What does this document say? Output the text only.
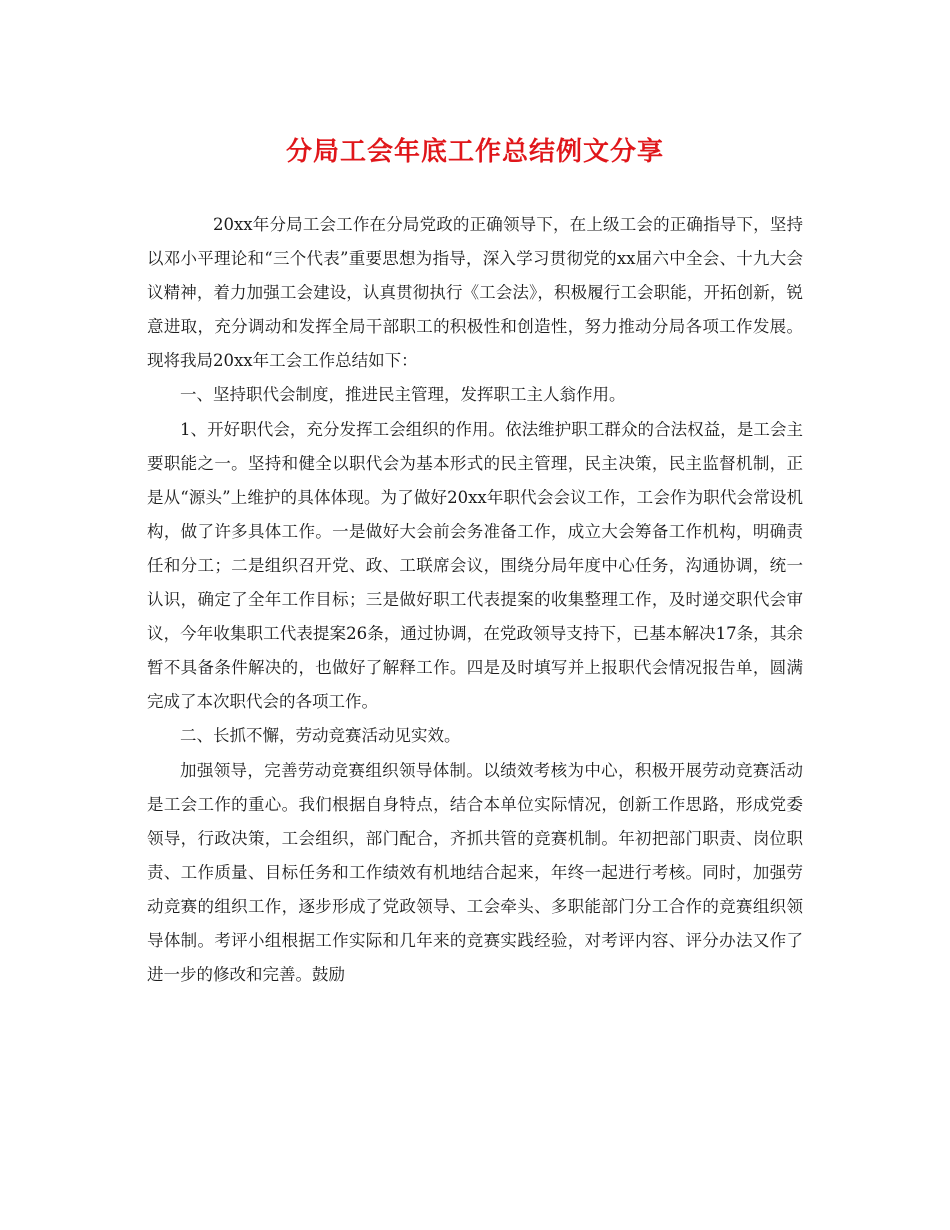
分局工会年底工作总结例文分享

20xx年分局工会工作在分局党政的正确领导下，在上级工会的正确指导下，坚持以邓小平理论和“三个代表”重要思想为指导，深入学习贯彻党的xx届六中全会、十九大会议精神，着力加强工会建设，认真贯彻执行《工会法》，积极履行工会职能，开拓创新，锐意进取，充分调动和发挥全局干部职工的积极性和创造性，努力推动分局各项工作发展。现将我局20xx年工会工作总结如下：

一、坚持职代会制度，推进民主管理，发挥职工主人翁作用。

1、开好职代会，充分发挥工会组织的作用。依法维护职工群众的合法权益，是工会主要职能之一。坚持和健全以职代会为基本形式的民主管理，民主决策，民主监督机制，正是从“源头”上维护的具体体现。为了做好20xx年职代会会议工作，工会作为职代会常设机构，做了许多具体工作。一是做好大会前会务准备工作，成立大会筹备工作机构，明确责任和分工；二是组织召开党、政、工联席会议，围绕分局年度中心任务，沟通协调，统一认识，确定了全年工作目标；三是做好职工代表提案的收集整理工作，及时递交职代会审议，今年收集职工代表提案26条，通过协调，在党政领导支持下，已基本解决17条，其余暂不具备条件解决的，也做好了解释工作。四是及时填写并上报职代会情况报告单，圆满完成了本次职代会的各项工作。

二、长抓不懈，劳动竞赛活动见实效。

加强领导，完善劳动竞赛组织领导体制。以绩效考核为中心，积极开展劳动竞赛活动是工会工作的重心。我们根据自身特点，结合本单位实际情况，创新工作思路，形成党委领导，行政决策，工会组织，部门配合，齐抓共管的竞赛机制。年初把部门职责、岗位职责、工作质量、目标任务和工作绩效有机地结合起来，年终一起进行考核。同时，加强劳动竞赛的组织工作，逐步形成了党政领导、工会牵头、多职能部门分工合作的竞赛组织领导体制。考评小组根据工作实际和几年来的竞赛实践经验，对考评内容、评分办法又作了进一步的修改和完善。鼓励
